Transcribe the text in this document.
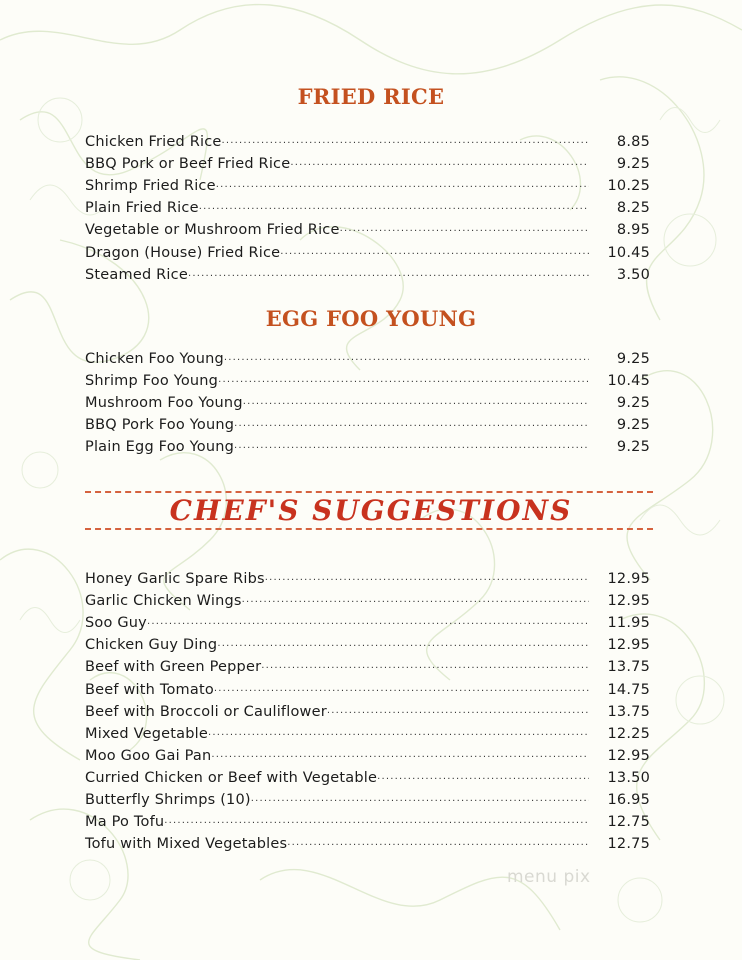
FRIED RICE
Chicken Fried Rice .....	8.85
BBQ Pork or Beef Fried Rice .....	9.25
Shrimp Fried Rice .....	10.25
Plain Fried Rice .....	8.25
Vegetable or Mushroom Fried Rice .....	8.95
Dragon (House) Fried Rice .....	10.45
Steamed Rice .....	3.50
EGG FOO YOUNG
Chicken Foo Young .....	9.25
Shrimp Foo Young .....	10.45
Mushroom Foo Young .....	9.25
BBQ Pork Foo Young .....	9.25
Plain Egg Foo Young .....	9.25
CHEF'S SUGGESTIONS
Honey Garlic Spare Ribs .....	12.95
Garlic Chicken Wings .....	12.95
Soo Guy .....	11.95
Chicken Guy Ding .....	12.95
Beef with Green Pepper .....	13.75
Beef with Tomato .....	14.75
Beef with Broccoli or Cauliflower .....	13.75
Mixed Vegetable .....	12.25
Moo Goo Gai Pan .....	12.95
Curried Chicken or Beef with Vegetable .....	13.50
Butterfly Shrimps (10) .....	16.95
Ma Po Tofu .....	12.75
Tofu with Mixed Vegetables .....	12.75
menu pix
